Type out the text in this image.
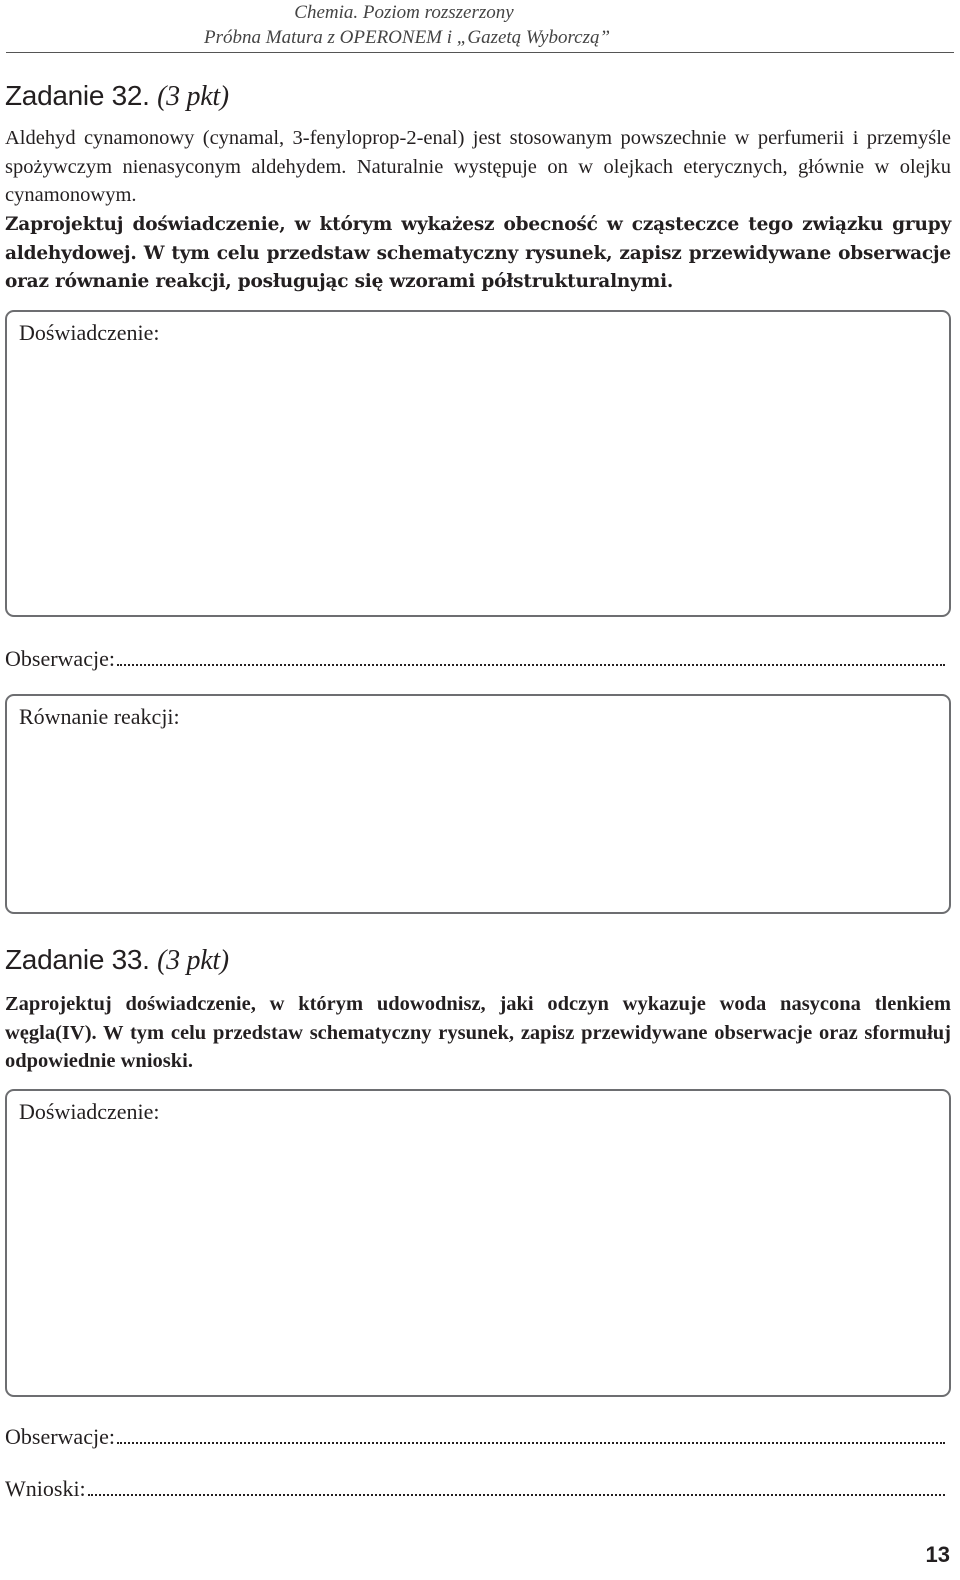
Chemia. Poziom rozszerzony
Próbna Matura z OPERONEM i „Gazetą Wyborczą”
Zadanie 32. (3 pkt)

Aldehyd cynamonowy (cynamal, 3-fenyloprop-2-enal) jest stosowanym powszechnie w perfumerii i przemyśle spożywczym nienasyconym aldehydem. Naturalnie występuje on w olejkach eterycznych, głównie w olejku cynamonowym.

Zaprojektuj doświadczenie, w którym wykażesz obecność w cząsteczce tego związku grupy aldehydowej. W tym celu przedstaw schematyczny rysunek, zapisz przewidywane obserwacje oraz równanie reakcji, posługując się wzorami półstrukturalnymi.

Doświadczenie:
Obserwacje:
Równanie reakcji:
Zadanie 33. (3 pkt)

Zaprojektuj doświadczenie, w którym udowodnisz, jaki odczyn wykazuje woda nasycona tlenkiem węgla(IV). W tym celu przedstaw schematyczny rysunek, zapisz przewidywane obserwacje oraz sformułuj odpowiednie wnioski.

Doświadczenie:
Obserwacje:
Wnioski:
13
